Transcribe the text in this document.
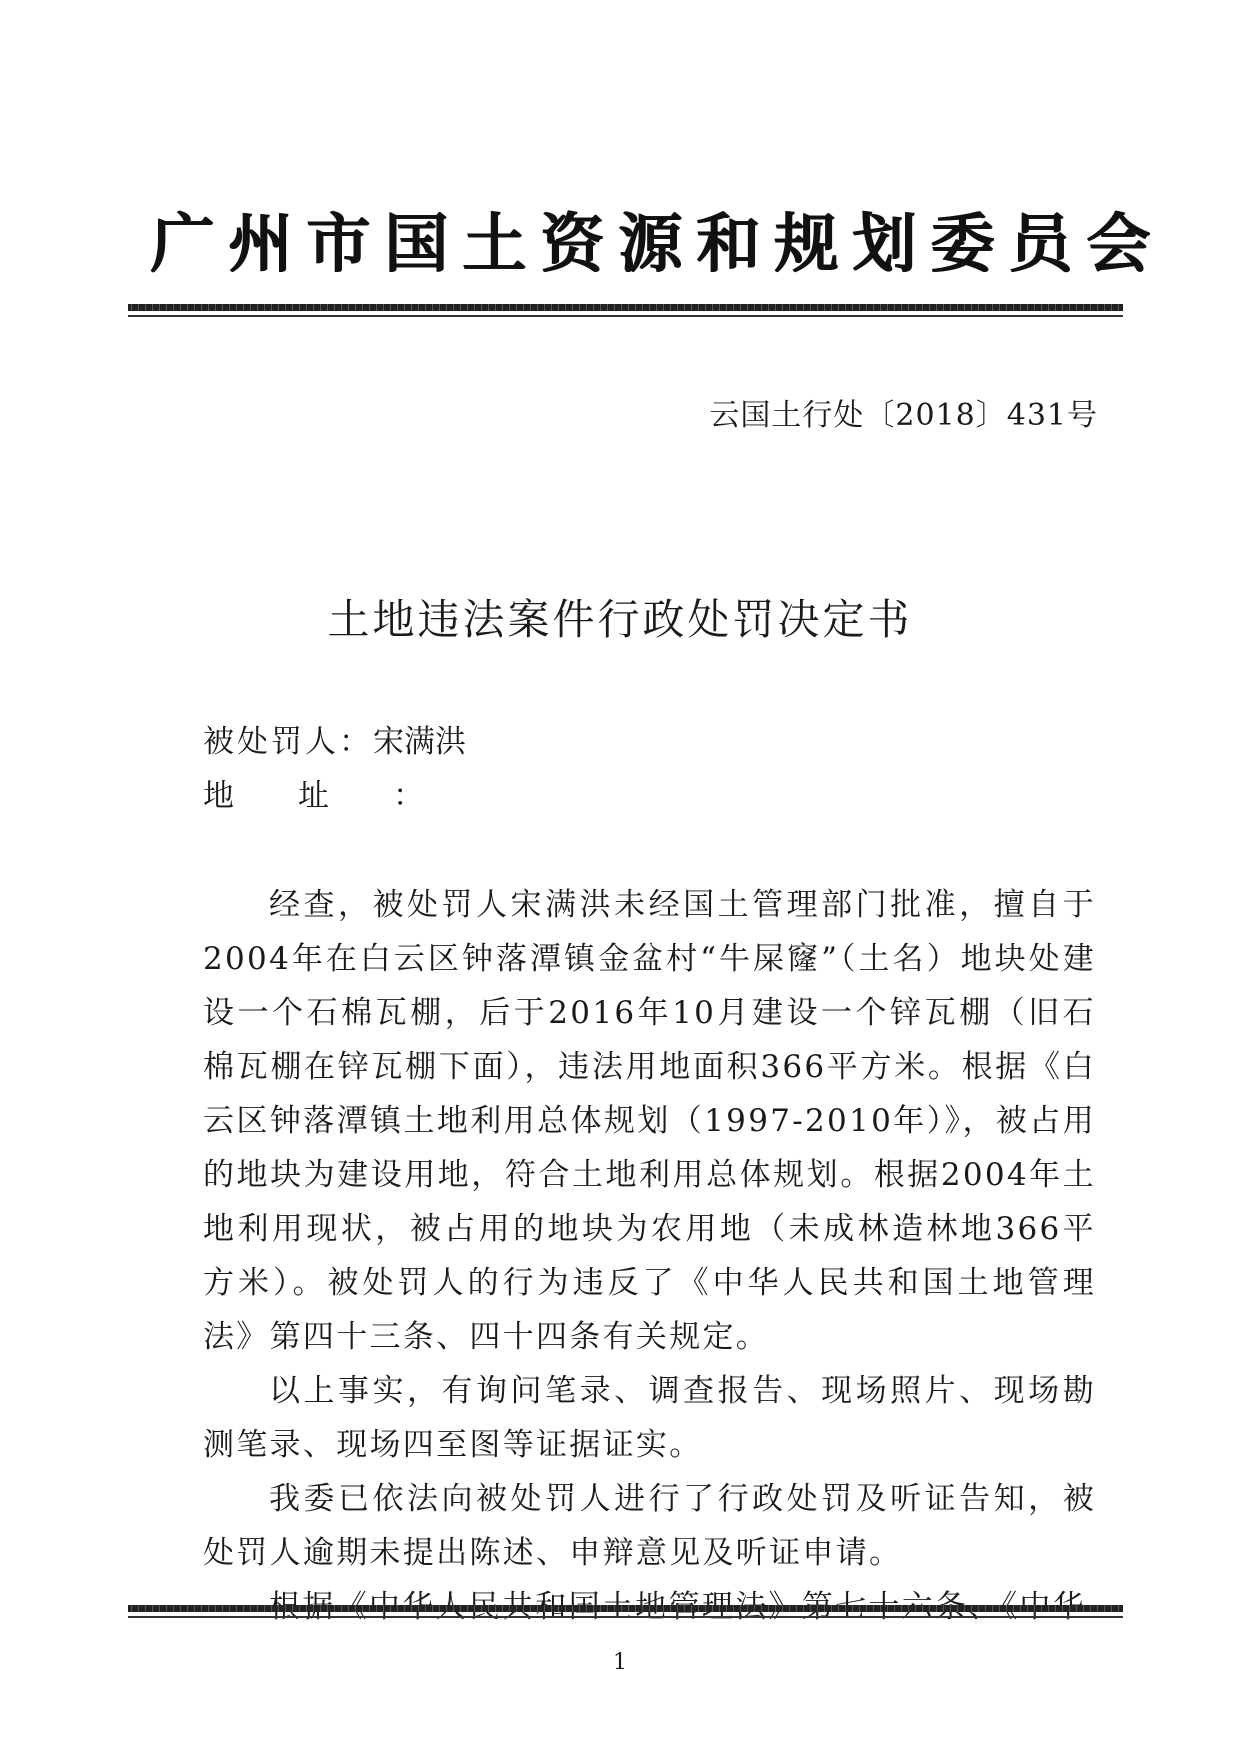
广州市国土资源和规划委员会
云国土行处〔2018〕431号
土地违法案件行政处罚决定书
被处罚人：宋满洪
地址：

经查，被处罚人宋满洪未经国土管理部门批准，擅自于2004年在白云区钟落潭镇金盆村“牛屎窿”（土名）地块处建设一个石棉瓦棚，后于2016年10月建设一个锌瓦棚（旧石棉瓦棚在锌瓦棚下面），违法用地面积366平方米。根据《白云区钟落潭镇土地利用总体规划（1997-2010年）》，被占用的地块为建设用地，符合土地利用总体规划。根据2004年土地利用现状，被占用的地块为农用地（未成林造林地366平方米）。被处罚人的行为违反了《中华人民共和国土地管理法》第四十三条、四十四条有关规定。

以上事实，有询问笔录、调查报告、现场照片、现场勘测笔录、现场四至图等证据证实。

我委已依法向被处罚人进行了行政处罚及听证告知，被处罚人逾期未提出陈述、申辩意见及听证申请。

1
